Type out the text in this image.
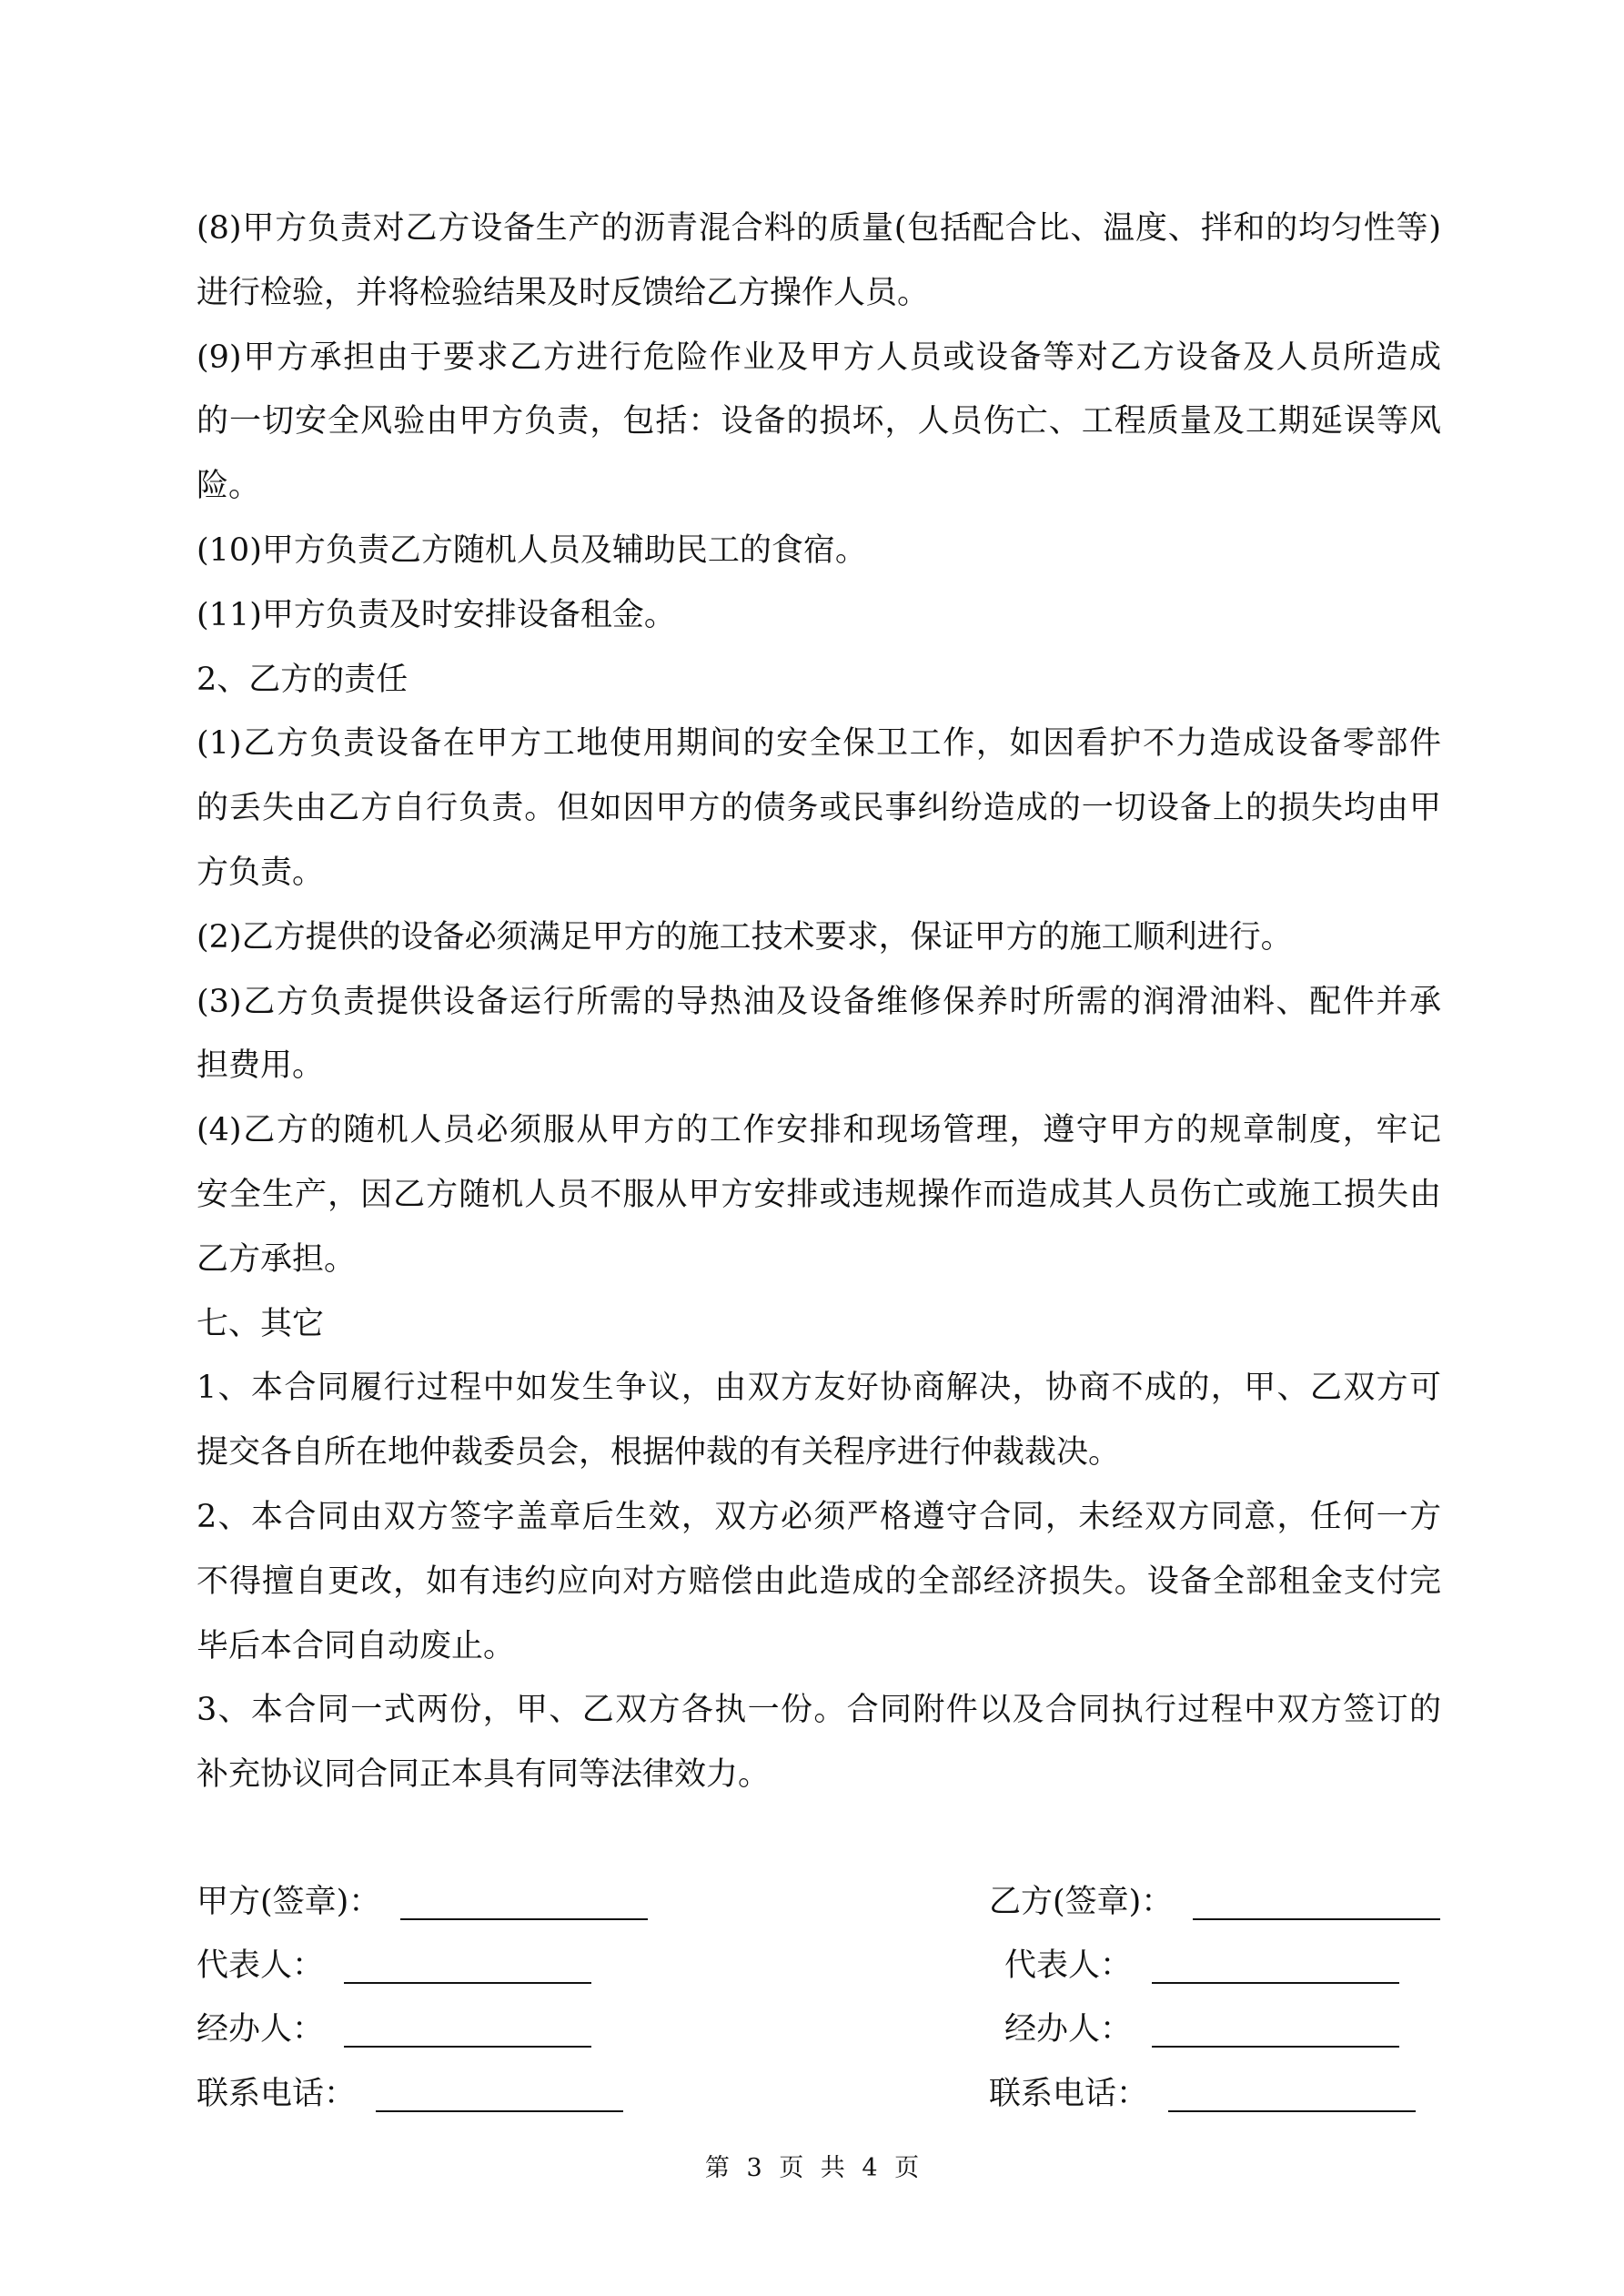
(8)甲方负责对乙方设备生产的沥青混合料的质量(包括配合比、温度、拌和的均匀性等)
进行检验，并将检验结果及时反馈给乙方操作人员。
(9)甲方承担由于要求乙方进行危险作业及甲方人员或设备等对乙方设备及人员所造成
的一切安全风验由甲方负责，包括：设备的损坏，人员伤亡、工程质量及工期延误等风
险。
(10)甲方负责乙方随机人员及辅助民工的食宿。
(11)甲方负责及时安排设备租金。
2、乙方的责任
(1)乙方负责设备在甲方工地使用期间的安全保卫工作，如因看护不力造成设备零部件
的丢失由乙方自行负责。但如因甲方的债务或民事纠纷造成的一切设备上的损失均由甲
方负责。
(2)乙方提供的设备必须满足甲方的施工技术要求，保证甲方的施工顺利进行。
(3)乙方负责提供设备运行所需的导热油及设备维修保养时所需的润滑油料、配件并承
担费用。
(4)乙方的随机人员必须服从甲方的工作安排和现场管理，遵守甲方的规章制度，牢记
安全生产，因乙方随机人员不服从甲方安排或违规操作而造成其人员伤亡或施工损失由
乙方承担。
七、其它
1、本合同履行过程中如发生争议，由双方友好协商解决，协商不成的，甲、乙双方可
提交各自所在地仲裁委员会，根据仲裁的有关程序进行仲裁裁决。
2、本合同由双方签字盖章后生效，双方必须严格遵守合同，未经双方同意，任何一方
不得擅自更改，如有违约应向对方赔偿由此造成的全部经济损失。设备全部租金支付完
毕后本合同自动废止。
3、本合同一式两份，甲、乙双方各执一份。合同附件以及合同执行过程中双方签订的
补充协议同合同正本具有同等法律效力。
甲方(签章)：
代表人：
经办人：
联系电话：
乙方(签章)：
代表人：
经办人：
联系电话：
第 3 页 共 4 页
